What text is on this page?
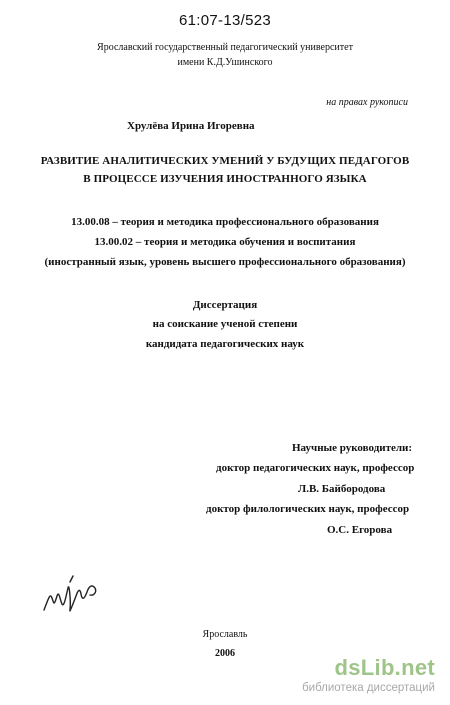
61:07-13/523
Ярославский государственный педагогический университет
имени К.Д.Ушинского
на правах рукописи
Хрулёва Ирина Игоревна
РАЗВИТИЕ АНАЛИТИЧЕСКИХ УМЕНИЙ У БУДУЩИХ ПЕДАГОГОВ
В ПРОЦЕССЕ ИЗУЧЕНИЯ ИНОСТРАННОГО ЯЗЫКА
13.00.08 – теория и методика профессионального образования
13.00.02 – теория и методика обучения и воспитания
(иностранный язык, уровень высшего профессионального образования)
Диссертация
на соискание ученой степени
кандидата педагогических наук
Научные руководители:
доктор педагогических наук, профессор
Л.В. Байбородова
доктор филологических наук, профессор
О.С. Егорова
Ярославль
2006
dsLib.net
библиотека диссертаций
